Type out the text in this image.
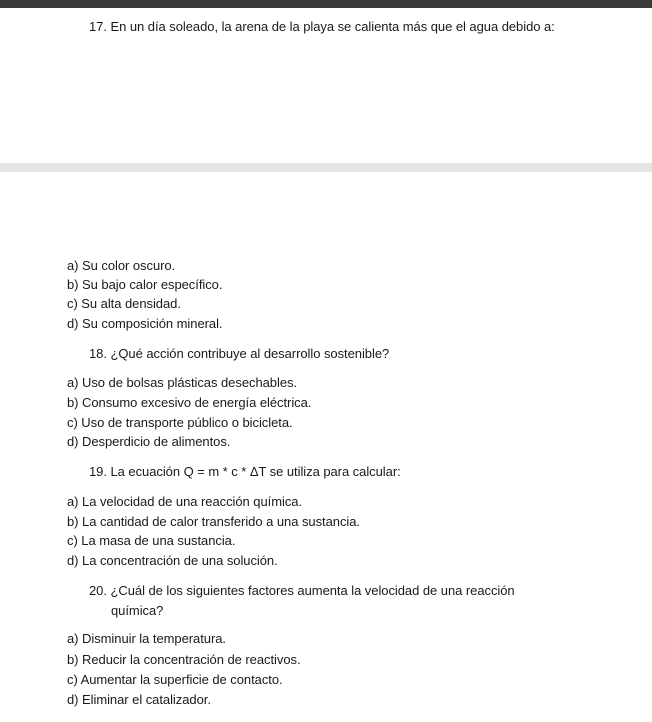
17. En un día soleado, la arena de la playa se calienta más que el agua debido a:
a) Su color oscuro.
b) Su bajo calor específico.
c) Su alta densidad.
d) Su composición mineral.
18. ¿Qué acción contribuye al desarrollo sostenible?
a) Uso de bolsas plásticas desechables.
b) Consumo excesivo de energía eléctrica.
c) Uso de transporte público o bicicleta.
d) Desperdicio de alimentos.
19. La ecuación Q = m * c * ΔT se utiliza para calcular:
a) La velocidad de una reacción química.
b) La cantidad de calor transferido a una sustancia.
c) La masa de una sustancia.
d) La concentración de una solución.
20. ¿Cuál de los siguientes factores aumenta la velocidad de una reacción
química?
a) Disminuir la temperatura.
b) Reducir la concentración de reactivos.
c) Aumentar la superficie de contacto.
d) Eliminar el catalizador.
